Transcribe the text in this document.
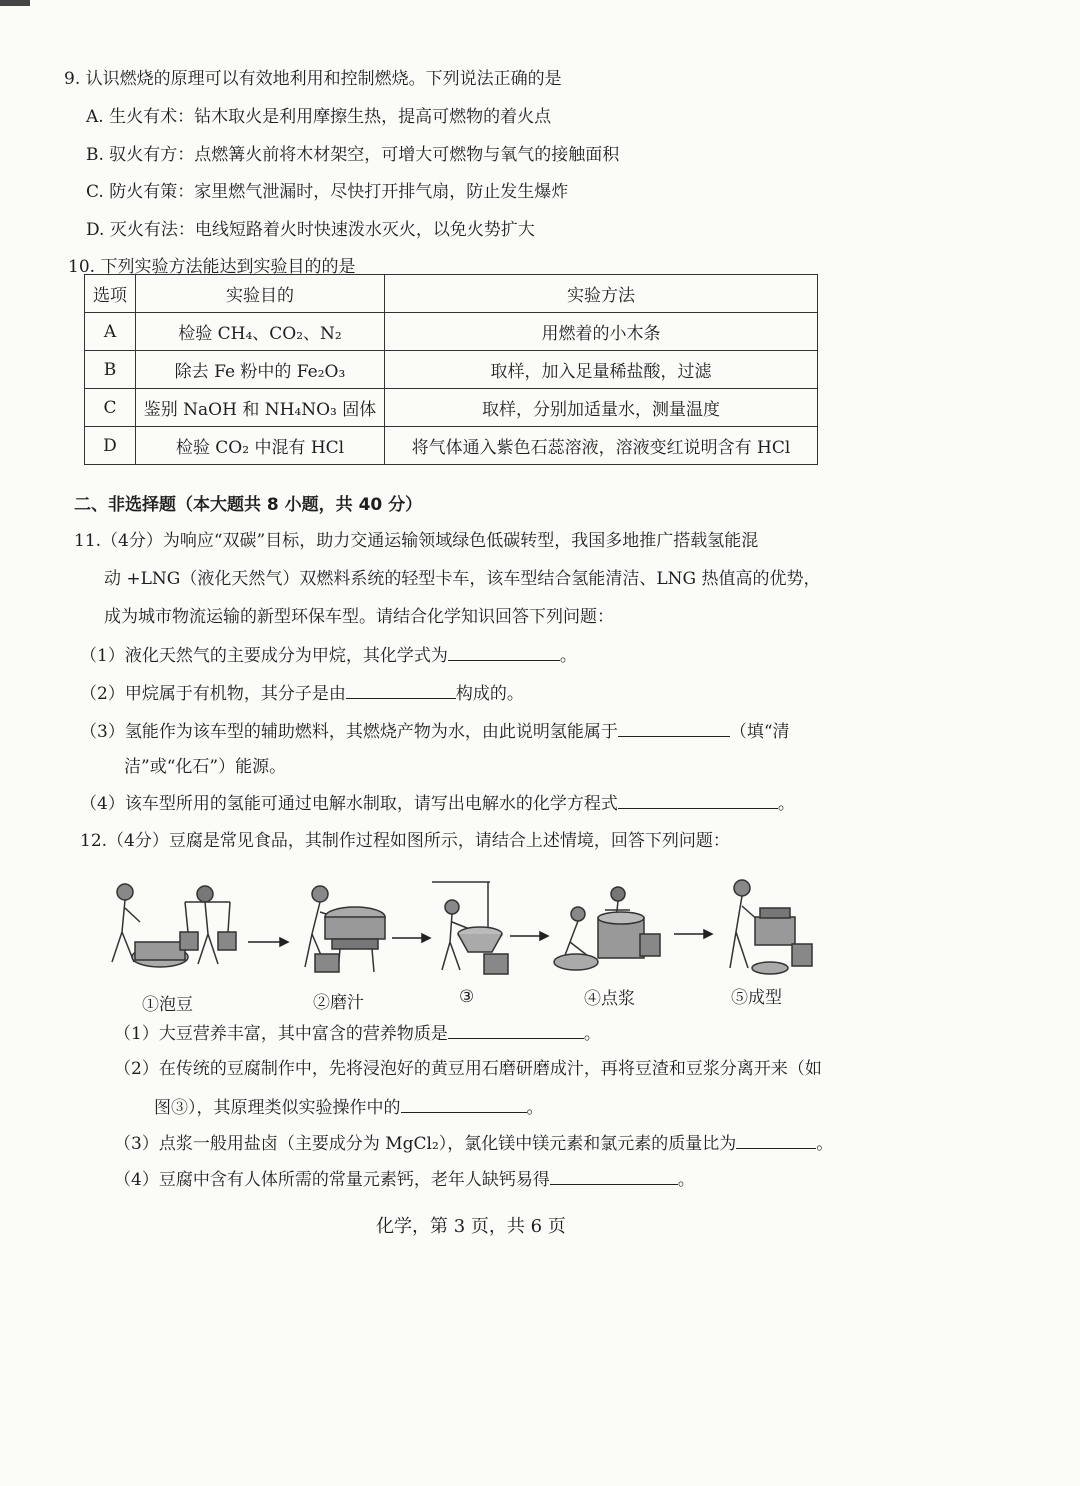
9. 认识燃烧的原理可以有效地利用和控制燃烧。下列说法正确的是
A. 生火有术：钻木取火是利用摩擦生热，提高可燃物的着火点
B. 驭火有方：点燃篝火前将木材架空，可增大可燃物与氧气的接触面积
C. 防火有策：家里燃气泄漏时，尽快打开排气扇，防止发生爆炸
D. 灭火有法：电线短路着火时快速泼水灭火，以免火势扩大
10. 下列实验方法能达到实验目的的是
选项	实验目的	实验方法
A	检验 CH₄、CO₂、N₂	用燃着的小木条
B	除去 Fe 粉中的 Fe₂O₃	取样，加入足量稀盐酸，过滤
C	鉴别 NaOH 和 NH₄NO₃ 固体	取样，分别加适量水，测量温度
D	检验 CO₂ 中混有 HCl	将气体通入紫色石蕊溶液，溶液变红说明含有 HCl
二、非选择题（本大题共 8 小题，共 40 分）
11.（4分）为响应“双碳”目标，助力交通运输领域绿色低碳转型，我国多地推广搭载氢能混
动 +LNG（液化天然气）双燃料系统的轻型卡车，该车型结合氢能清洁、LNG 热值高的优势，
成为城市物流运输的新型环保车型。请结合化学知识回答下列问题：
（1）液化天然气的主要成分为甲烷，其化学式为	。
（2）甲烷属于有机物，其分子是由	构成的。
（3）氢能作为该车型的辅助燃料，其燃烧产物为水，由此说明氢能属于	（填“清
洁”或“化石”）能源。
（4）该车型所用的氢能可通过电解水制取，请写出电解水的化学方程式	。
12.（4分）豆腐是常见食品，其制作过程如图所示，请结合上述情境，回答下列问题：
①泡豆	②磨汁	③	④点浆	⑤成型
（1）大豆营养丰富，其中富含的营养物质是	。
（2）在传统的豆腐制作中，先将浸泡好的黄豆用石磨研磨成汁，再将豆渣和豆浆分离开来（如
图③），其原理类似实验操作中的	。
（3）点浆一般用盐卤（主要成分为 MgCl₂），氯化镁中镁元素和氯元素的质量比为	。
（4）豆腐中含有人体所需的常量元素钙，老年人缺钙易得	。
化学，第 3 页，共 6 页
